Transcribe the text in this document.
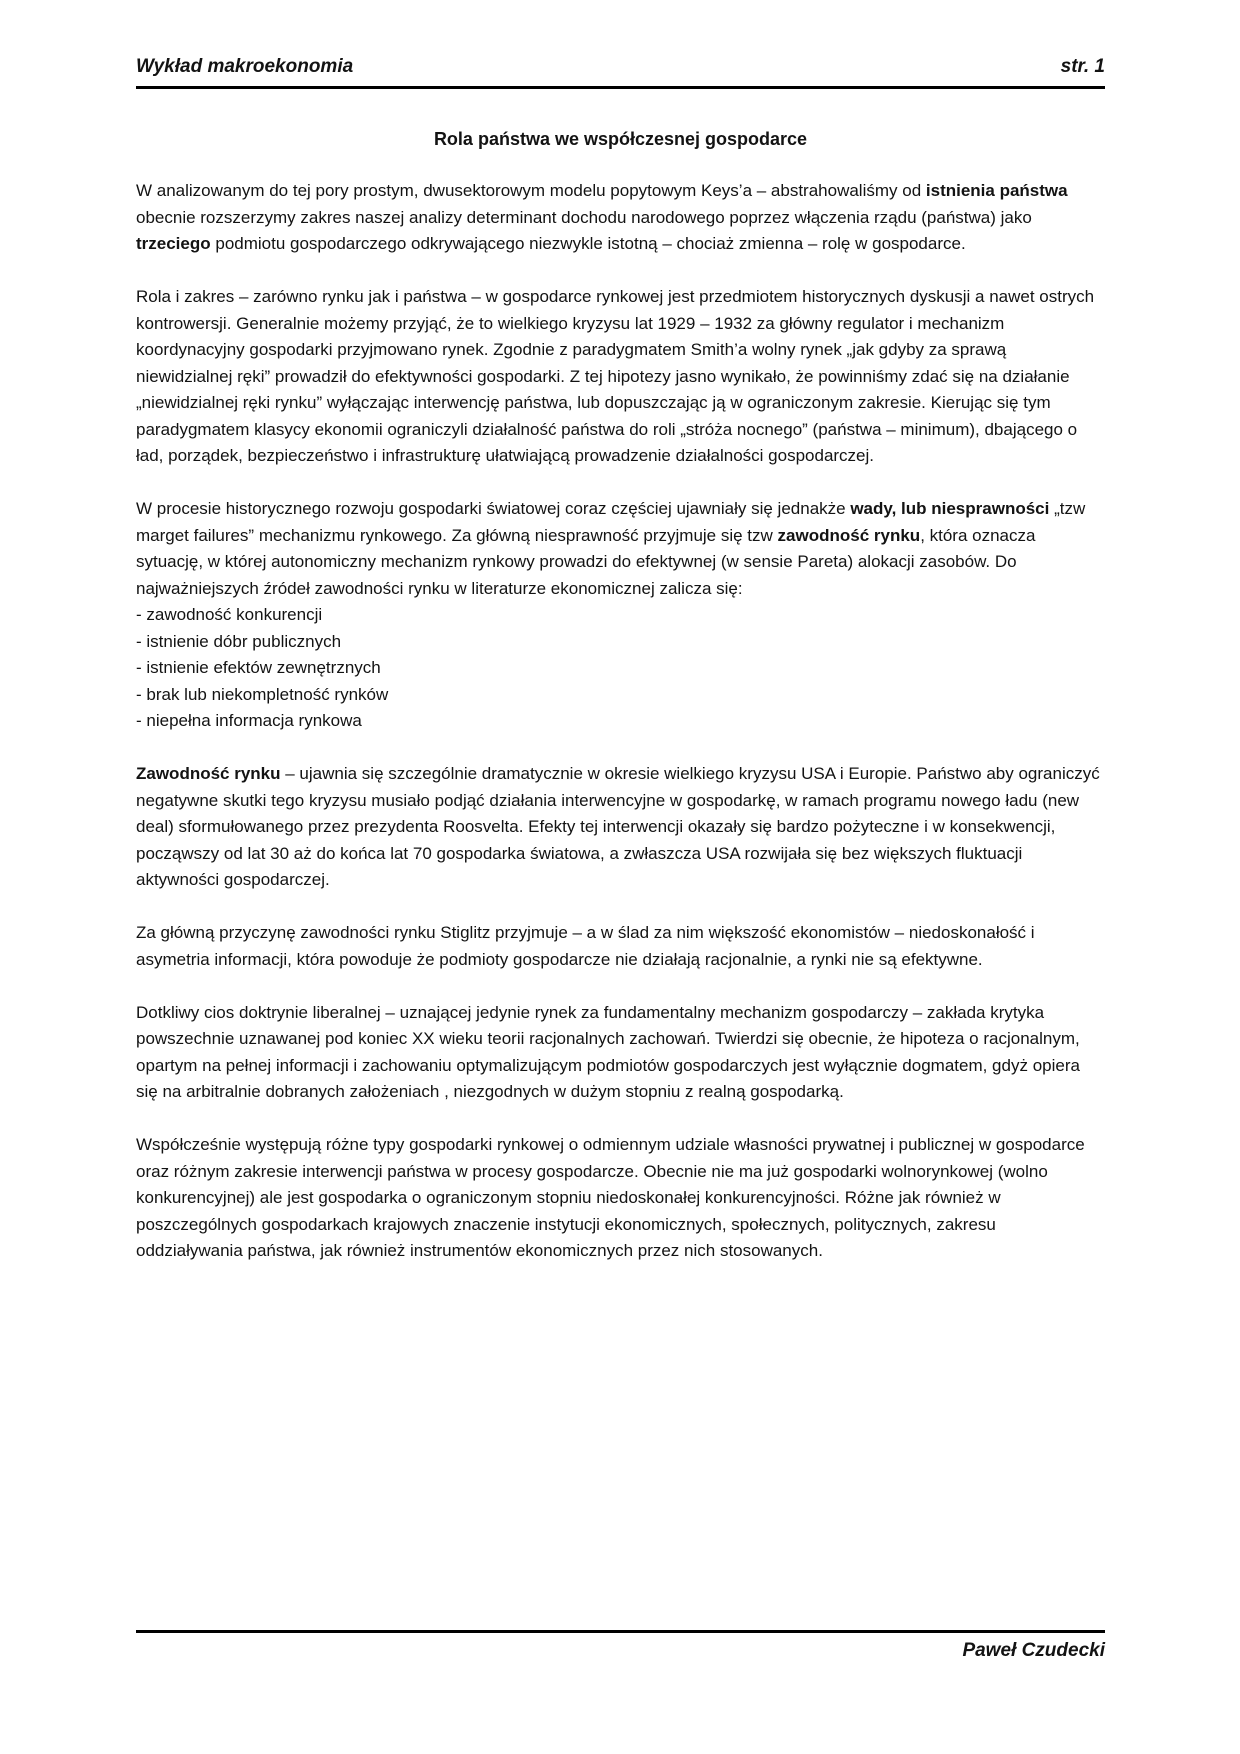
Wykład makroekonomia	str. 1
Rola państwa we współczesnej gospodarce

W analizowanym do tej pory prostym, dwusektorowym modelu popytowym Keys’a – abstrahowaliśmy od istnienia państwa obecnie rozszerzymy zakres naszej analizy determinant dochodu narodowego poprzez włączenia rządu (państwa) jako trzeciego podmiotu gospodarczego odkrywającego niezwykle istotną – chociaż zmienna – rolę w gospodarce.

Rola i zakres – zarówno rynku jak i państwa – w gospodarce rynkowej jest przedmiotem historycznych dyskusji a nawet ostrych kontrowersji. Generalnie możemy przyjąć, że to wielkiego kryzysu lat 1929 – 1932 za główny regulator i mechanizm koordynacyjny gospodarki przyjmowano rynek. Zgodnie z paradygmatem Smith’a wolny rynek „jak gdyby za sprawą niewidzialnej ręki” prowadził do efektywności gospodarki. Z tej hipotezy jasno wynikało, że powinniśmy zdać się na działanie „niewidzialnej ręki rynku” wyłączając interwencję państwa, lub dopuszczając ją w ograniczonym zakresie. Kierując się tym paradygmatem klasycy ekonomii ograniczyli działalność państwa do roli „stróża nocnego” (państwa – minimum), dbającego o ład, porządek, bezpieczeństwo i infrastrukturę ułatwiającą prowadzenie działalności gospodarczej.

W procesie historycznego rozwoju gospodarki światowej coraz częściej ujawniały się jednakże wady, lub niesprawności „tzw marget failures” mechanizmu rynkowego. Za główną niesprawność przyjmuje się tzw zawodność rynku, która oznacza sytuację, w której autonomiczny mechanizm rynkowy prowadzi do efektywnej (w sensie Pareta) alokacji zasobów. Do najważniejszych źródeł zawodności rynku w literaturze ekonomicznej zalicza się:

- zawodność konkurencji
- istnienie dóbr publicznych
- istnienie efektów zewnętrznych
- brak lub niekompletność rynków
- niepełna informacja rynkowa

Zawodność rynku – ujawnia się szczególnie dramatycznie w okresie wielkiego kryzysu USA i Europie. Państwo aby ograniczyć negatywne skutki tego kryzysu musiało podjąć działania interwencyjne w gospodarkę, w ramach programu nowego ładu (new deal) sformułowanego przez prezydenta Roosvelta. Efekty tej interwencji okazały się bardzo pożyteczne i w konsekwencji, począwszy od lat 30 aż do końca lat 70 gospodarka światowa, a zwłaszcza USA rozwijała się bez większych fluktuacji aktywności gospodarczej.

Za główną przyczynę zawodności rynku Stiglitz przyjmuje – a w ślad za nim większość ekonomistów – niedoskonałość i asymetria informacji, która powoduje że podmioty gospodarcze nie działają racjonalnie, a rynki nie są efektywne.

Dotkliwy cios doktrynie liberalnej – uznającej jedynie rynek za fundamentalny mechanizm gospodarczy – zakłada krytyka powszechnie uznawanej pod koniec XX wieku teorii racjonalnych zachowań. Twierdzi się obecnie, że hipoteza o racjonalnym, opartym na pełnej informacji i zachowaniu optymalizującym podmiotów gospodarczych jest wyłącznie dogmatem, gdyż opiera się na arbitralnie dobranych założeniach , niezgodnych w dużym stopniu z realną gospodarką.

Współcześnie występują różne typy gospodarki rynkowej o odmiennym udziale własności prywatnej i publicznej w gospodarce oraz różnym zakresie interwencji państwa w procesy gospodarcze. Obecnie nie ma już gospodarki wolnorynkowej (wolno konkurencyjnej) ale jest gospodarka o ograniczonym stopniu niedoskonałej konkurencyjności. Różne jak również w poszczególnych gospodarkach krajowych znaczenie instytucji ekonomicznych, społecznych, politycznych, zakresu oddziaływania państwa, jak również instrumentów ekonomicznych przez nich stosowanych.

Paweł Czudecki
